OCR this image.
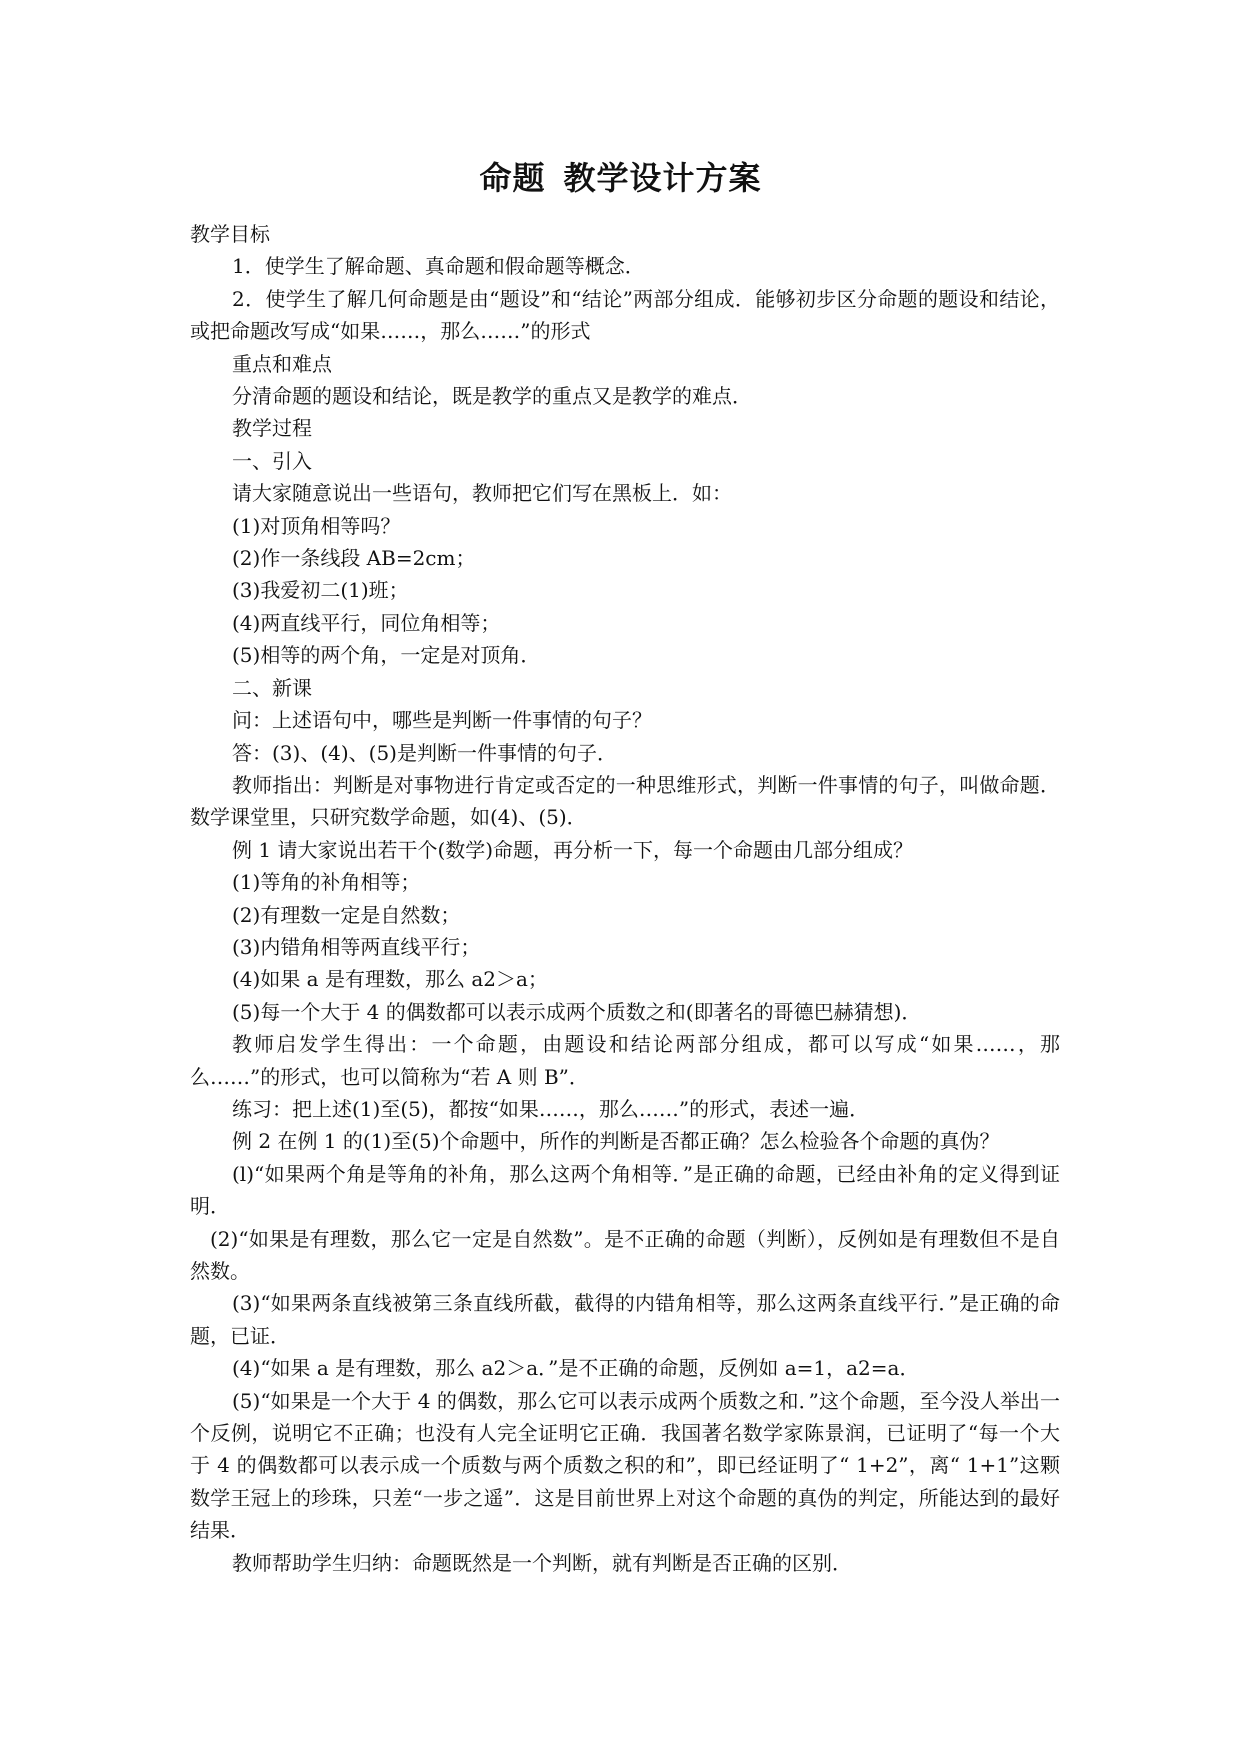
命题 教学设计方案

教学目标

1．使学生了解命题、真命题和假命题等概念．

2．使学生了解几何命题是由“题设”和“结论”两部分组成．能够初步区分命题的题设和结论，或把命题改写成“如果……，那么……”的形式

重点和难点

分清命题的题设和结论，既是教学的重点又是教学的难点．

教学过程

一、引入

请大家随意说出一些语句，教师把它们写在黑板上．如：

(1)对顶角相等吗？

(2)作一条线段 AB=2cm；

(3)我爱初二(1)班；

(4)两直线平行，同位角相等；

(5)相等的两个角，一定是对顶角．

二、新课

问：上述语句中，哪些是判断一件事情的句子？

答：(3)、(4)、(5)是判断一件事情的句子．

教师指出：判断是对事物进行肯定或否定的一种思维形式，判断一件事情的句子，叫做命题．数学课堂里，只研究数学命题，如(4)、(5)．

例 1 请大家说出若干个(数学)命题，再分析一下，每一个命题由几部分组成？

(1)等角的补角相等；

(2)有理数一定是自然数；

(3)内错角相等两直线平行；

(4)如果 a 是有理数，那么 a2＞a；

(5)每一个大于 4 的偶数都可以表示成两个质数之和(即著名的哥德巴赫猜想)．

教师启发学生得出：一个命题，由题设和结论两部分组成，都可以写成“如果……，那么……”的形式，也可以简称为“若 A 则 B”．

练习：把上述(1)至(5)，都按“如果……，那么……”的形式，表述一遍．

例 2 在例 1 的(1)至(5)个命题中，所作的判断是否都正确？怎么检验各个命题的真伪？

(l)“如果两个角是等角的补角，那么这两个角相等．”是正确的命题，已经由补角的定义得到证明．

(2)“如果是有理数，那么它一定是自然数”。是不正确的命题（判断），反例如是有理数但不是自然数。

(3)“如果两条直线被第三条直线所截，截得的内错角相等，那么这两条直线平行．”是正确的命题，已证．

(4)“如果 a 是有理数，那么 a2＞a．”是不正确的命题，反例如 a=1，a2=a．

(5)“如果是一个大于 4 的偶数，那么它可以表示成两个质数之和．”这个命题，至今没人举出一个反例，说明它不正确；也没有人完全证明它正确．我国著名数学家陈景润，已证明了“每一个大于 4 的偶数都可以表示成一个质数与两个质数之积的和”，即已经证明了“ 1+2”，离“ 1+1”这颗数学王冠上的珍珠，只差“一步之遥”．这是目前世界上对这个命题的真伪的判定，所能达到的最好结果．

教师帮助学生归纳：命题既然是一个判断，就有判断是否正确的区别．
